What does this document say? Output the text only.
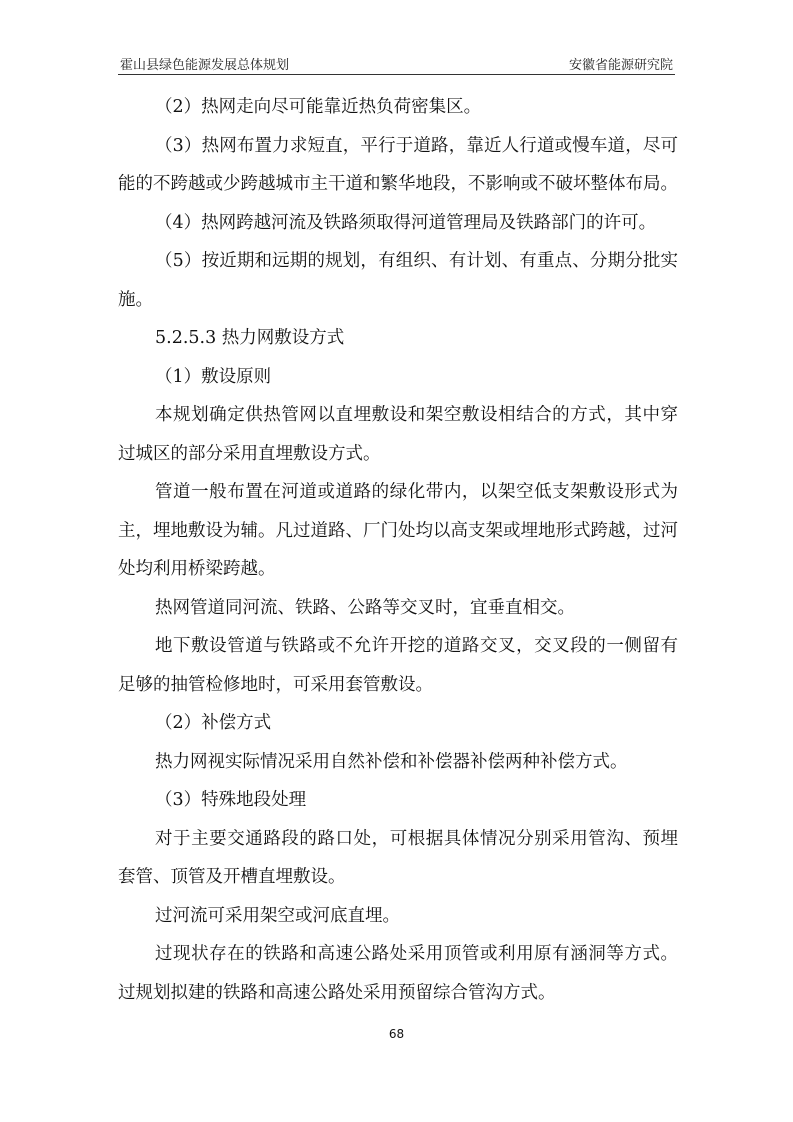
霍山县绿色能源发展总体规划	安徽省能源研究院

（2）热网走向尽可能靠近热负荷密集区。

（3）热网布置力求短直，平行于道路，靠近人行道或慢车道，尽可能的不跨越或少跨越城市主干道和繁华地段，不影响或不破坏整体布局。

（4）热网跨越河流及铁路须取得河道管理局及铁路部门的许可。

（5）按近期和远期的规划，有组织、有计划、有重点、分期分批实施。

5.2.5.3 热力网敷设方式

（1）敷设原则

本规划确定供热管网以直埋敷设和架空敷设相结合的方式，其中穿过城区的部分采用直埋敷设方式。

管道一般布置在河道或道路的绿化带内，以架空低支架敷设形式为主，埋地敷设为辅。凡过道路、厂门处均以高支架或埋地形式跨越，过河处均利用桥梁跨越。

热网管道同河流、铁路、公路等交叉时，宜垂直相交。

地下敷设管道与铁路或不允许开挖的道路交叉，交叉段的一侧留有足够的抽管检修地时，可采用套管敷设。

（2）补偿方式

热力网视实际情况采用自然补偿和补偿器补偿两种补偿方式。

（3）特殊地段处理

对于主要交通路段的路口处，可根据具体情况分别采用管沟、预埋套管、顶管及开槽直埋敷设。

过河流可采用架空或河底直埋。

过现状存在的铁路和高速公路处采用顶管或利用原有涵洞等方式。过规划拟建的铁路和高速公路处采用预留综合管沟方式。

68
